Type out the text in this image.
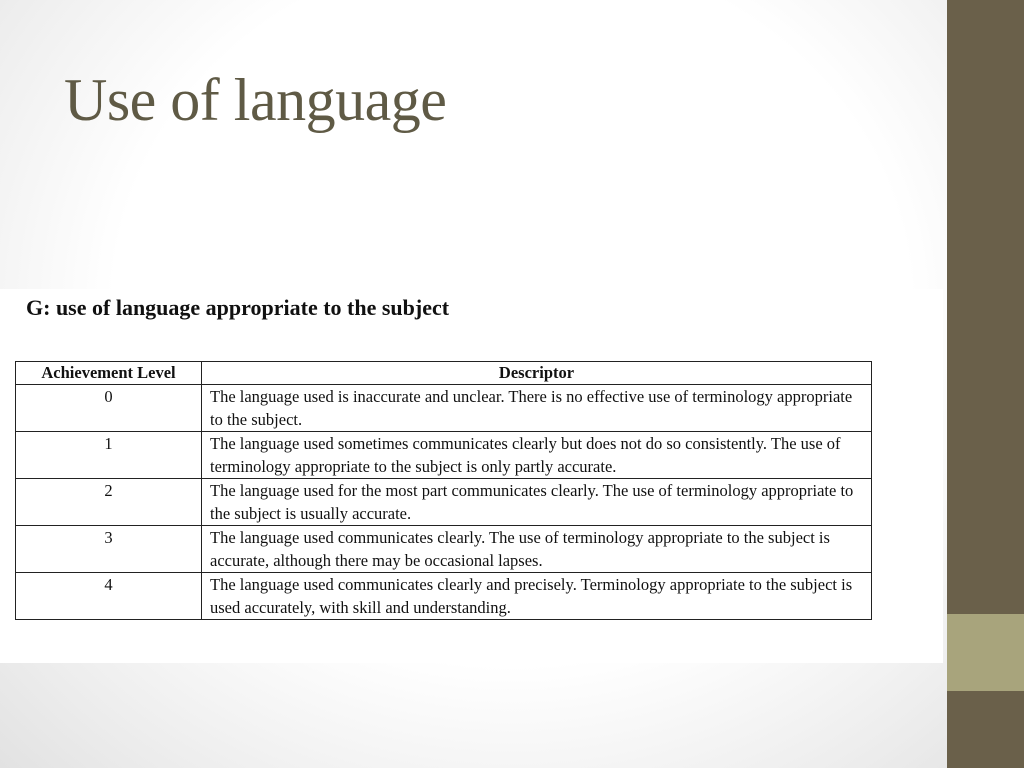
Use of language
G: use of language appropriate to the subject
Achievement Level	Descriptor
0	The language used is inaccurate and unclear. There is no effective use of terminology appropriate to the subject.
1	The language used sometimes communicates clearly but does not do so consistently. The use of terminology appropriate to the subject is only partly accurate.
2	The language used for the most part communicates clearly. The use of terminology appropriate to the subject is usually accurate.
3	The language used communicates clearly. The use of terminology appropriate to the subject is accurate, although there may be occasional lapses.
4	The language used communicates clearly and precisely. Terminology appropriate to the subject is used accurately, with skill and understanding.
